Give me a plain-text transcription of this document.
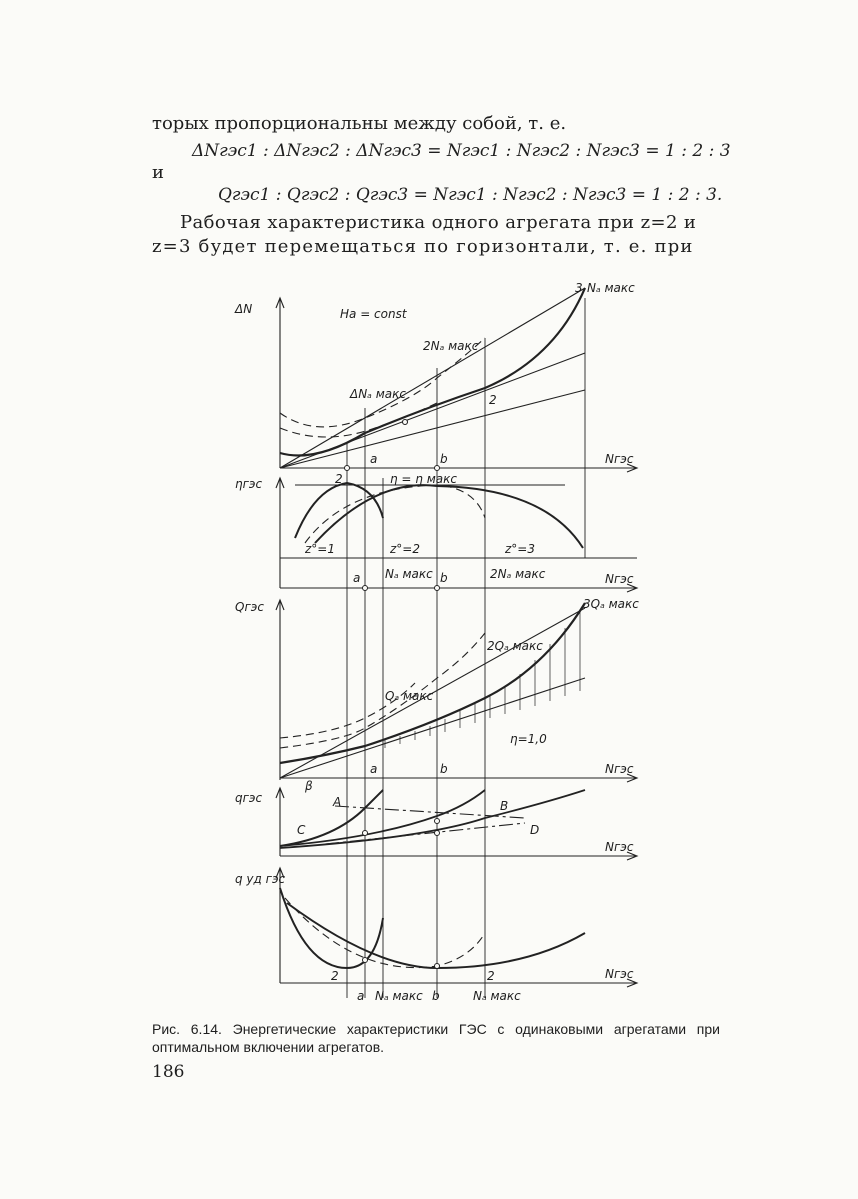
торых пропорциональны между собой, т. е.
ΔNгэс1 : ΔNгэс2 : ΔNгэс3 = Nгэс1 : Nгэс2 : Nгэс3 = 1 : 2 : 3
и
Qгэс1 : Qгэс2 : Qгэс3 = Nгэс1 : Nгэс2 : Nгэс3 = 1 : 2 : 3.
Рабочая характеристика одного агрегата при z=2 и
z=3 будет перемещаться по горизонтали, т. е. при
ΔN	Ha = const
3 Nₐ макс
2Nₐ макс
ΔNₐ макс	2
a	b	Nгэс
ηгэс	2	η = η макс
z°=1	z°=2	z°=3
a Nₐ макс b	2Nₐ макс	Nгэс
Qгэс	3Qₐ макс
2Qₐ макс
Qₐ макс
η=1,0
a	b	Nгэс
β
qгэс	A	B
C	D
Nгэс
q уд гэс
2	2	Nгэс
a Nₐ макс b	Nₐ макс
Рис. 6.14. Энергетические характеристики ГЭС с одинаковыми агрегатами при оптимальном включении агрегатов.
186
